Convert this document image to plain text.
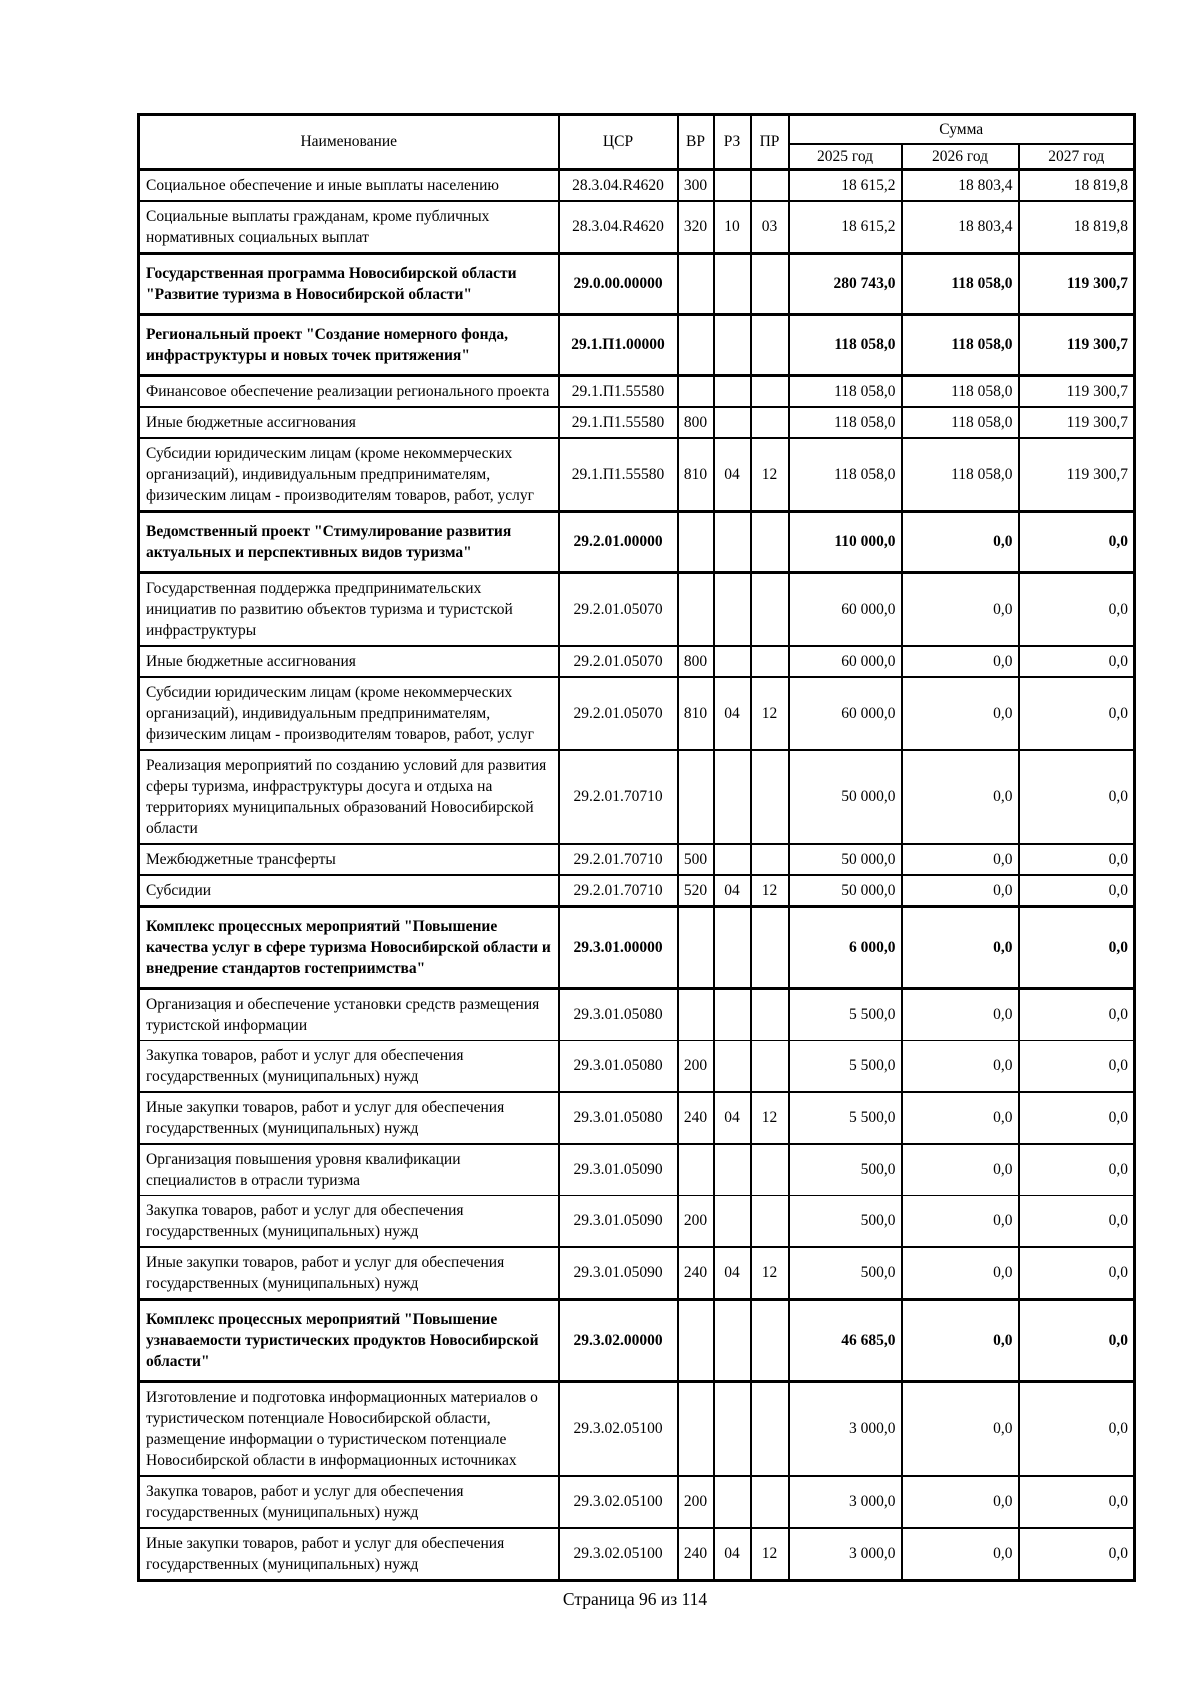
Наименование	ЦСР	ВР	РЗ	ПР	Сумма		
					2025 год	2026 год	2027 год
Социальное обеспечение и иные выплаты населению	28.3.04.R4620	300			18 615,2	18 803,4	18 819,8
Социальные выплаты гражданам, кроме публичных нормативных социальных выплат	28.3.04.R4620	320	10	03	18 615,2	18 803,4	18 819,8
Государственная программа Новосибирской области "Развитие туризма в Новосибирской области"	29.0.00.00000				280 743,0	118 058,0	119 300,7
Региональный проект "Создание номерного фонда, инфраструктуры и новых точек притяжения"	29.1.П1.00000				118 058,0	118 058,0	119 300,7
Финансовое обеспечение реализации регионального проекта	29.1.П1.55580				118 058,0	118 058,0	119 300,7
Иные бюджетные ассигнования	29.1.П1.55580	800			118 058,0	118 058,0	119 300,7
Субсидии юридическим лицам (кроме некоммерческих организаций), индивидуальным предпринимателям, физическим лицам - производителям товаров, работ, услуг	29.1.П1.55580	810	04	12	118 058,0	118 058,0	119 300,7
Ведомственный проект "Стимулирование развития актуальных и перспективных видов туризма"	29.2.01.00000				110 000,0	0,0	0,0
Государственная поддержка предпринимательских инициатив по развитию объектов туризма и туристской инфраструктуры	29.2.01.05070				60 000,0	0,0	0,0
Иные бюджетные ассигнования	29.2.01.05070	800			60 000,0	0,0	0,0
Субсидии юридическим лицам (кроме некоммерческих организаций), индивидуальным предпринимателям, физическим лицам - производителям товаров, работ, услуг	29.2.01.05070	810	04	12	60 000,0	0,0	0,0
Реализация мероприятий по созданию условий для развития сферы туризма, инфраструктуры досуга и отдыха на территориях муниципальных образований Новосибирской области	29.2.01.70710				50 000,0	0,0	0,0
Межбюджетные трансферты	29.2.01.70710	500			50 000,0	0,0	0,0
Субсидии	29.2.01.70710	520	04	12	50 000,0	0,0	0,0
Комплекс процессных мероприятий "Повышение качества услуг в сфере туризма Новосибирской области и внедрение стандартов гостеприимства"	29.3.01.00000				6 000,0	0,0	0,0
Организация и обеспечение установки средств размещения туристской информации	29.3.01.05080				5 500,0	0,0	0,0
Закупка товаров, работ и услуг для обеспечения государственных (муниципальных) нужд	29.3.01.05080	200			5 500,0	0,0	0,0
Иные закупки товаров, работ и услуг для обеспечения государственных (муниципальных) нужд	29.3.01.05080	240	04	12	5 500,0	0,0	0,0
Организация повышения уровня квалификации специалистов в отрасли туризма	29.3.01.05090				500,0	0,0	0,0
Закупка товаров, работ и услуг для обеспечения государственных (муниципальных) нужд	29.3.01.05090	200			500,0	0,0	0,0
Иные закупки товаров, работ и услуг для обеспечения государственных (муниципальных) нужд	29.3.01.05090	240	04	12	500,0	0,0	0,0
Комплекс процессных мероприятий "Повышение узнаваемости туристических продуктов Новосибирской области"	29.3.02.00000				46 685,0	0,0	0,0
Изготовление и подготовка информационных материалов о туристическом потенциале Новосибирской области, размещение информации о туристическом потенциале Новосибирской области в информационных источниках	29.3.02.05100				3 000,0	0,0	0,0
Закупка товаров, работ и услуг для обеспечения государственных (муниципальных) нужд	29.3.02.05100	200			3 000,0	0,0	0,0
Иные закупки товаров, работ и услуг для обеспечения государственных (муниципальных) нужд	29.3.02.05100	240	04	12	3 000,0	0,0	0,0
Страница 96 из 114
